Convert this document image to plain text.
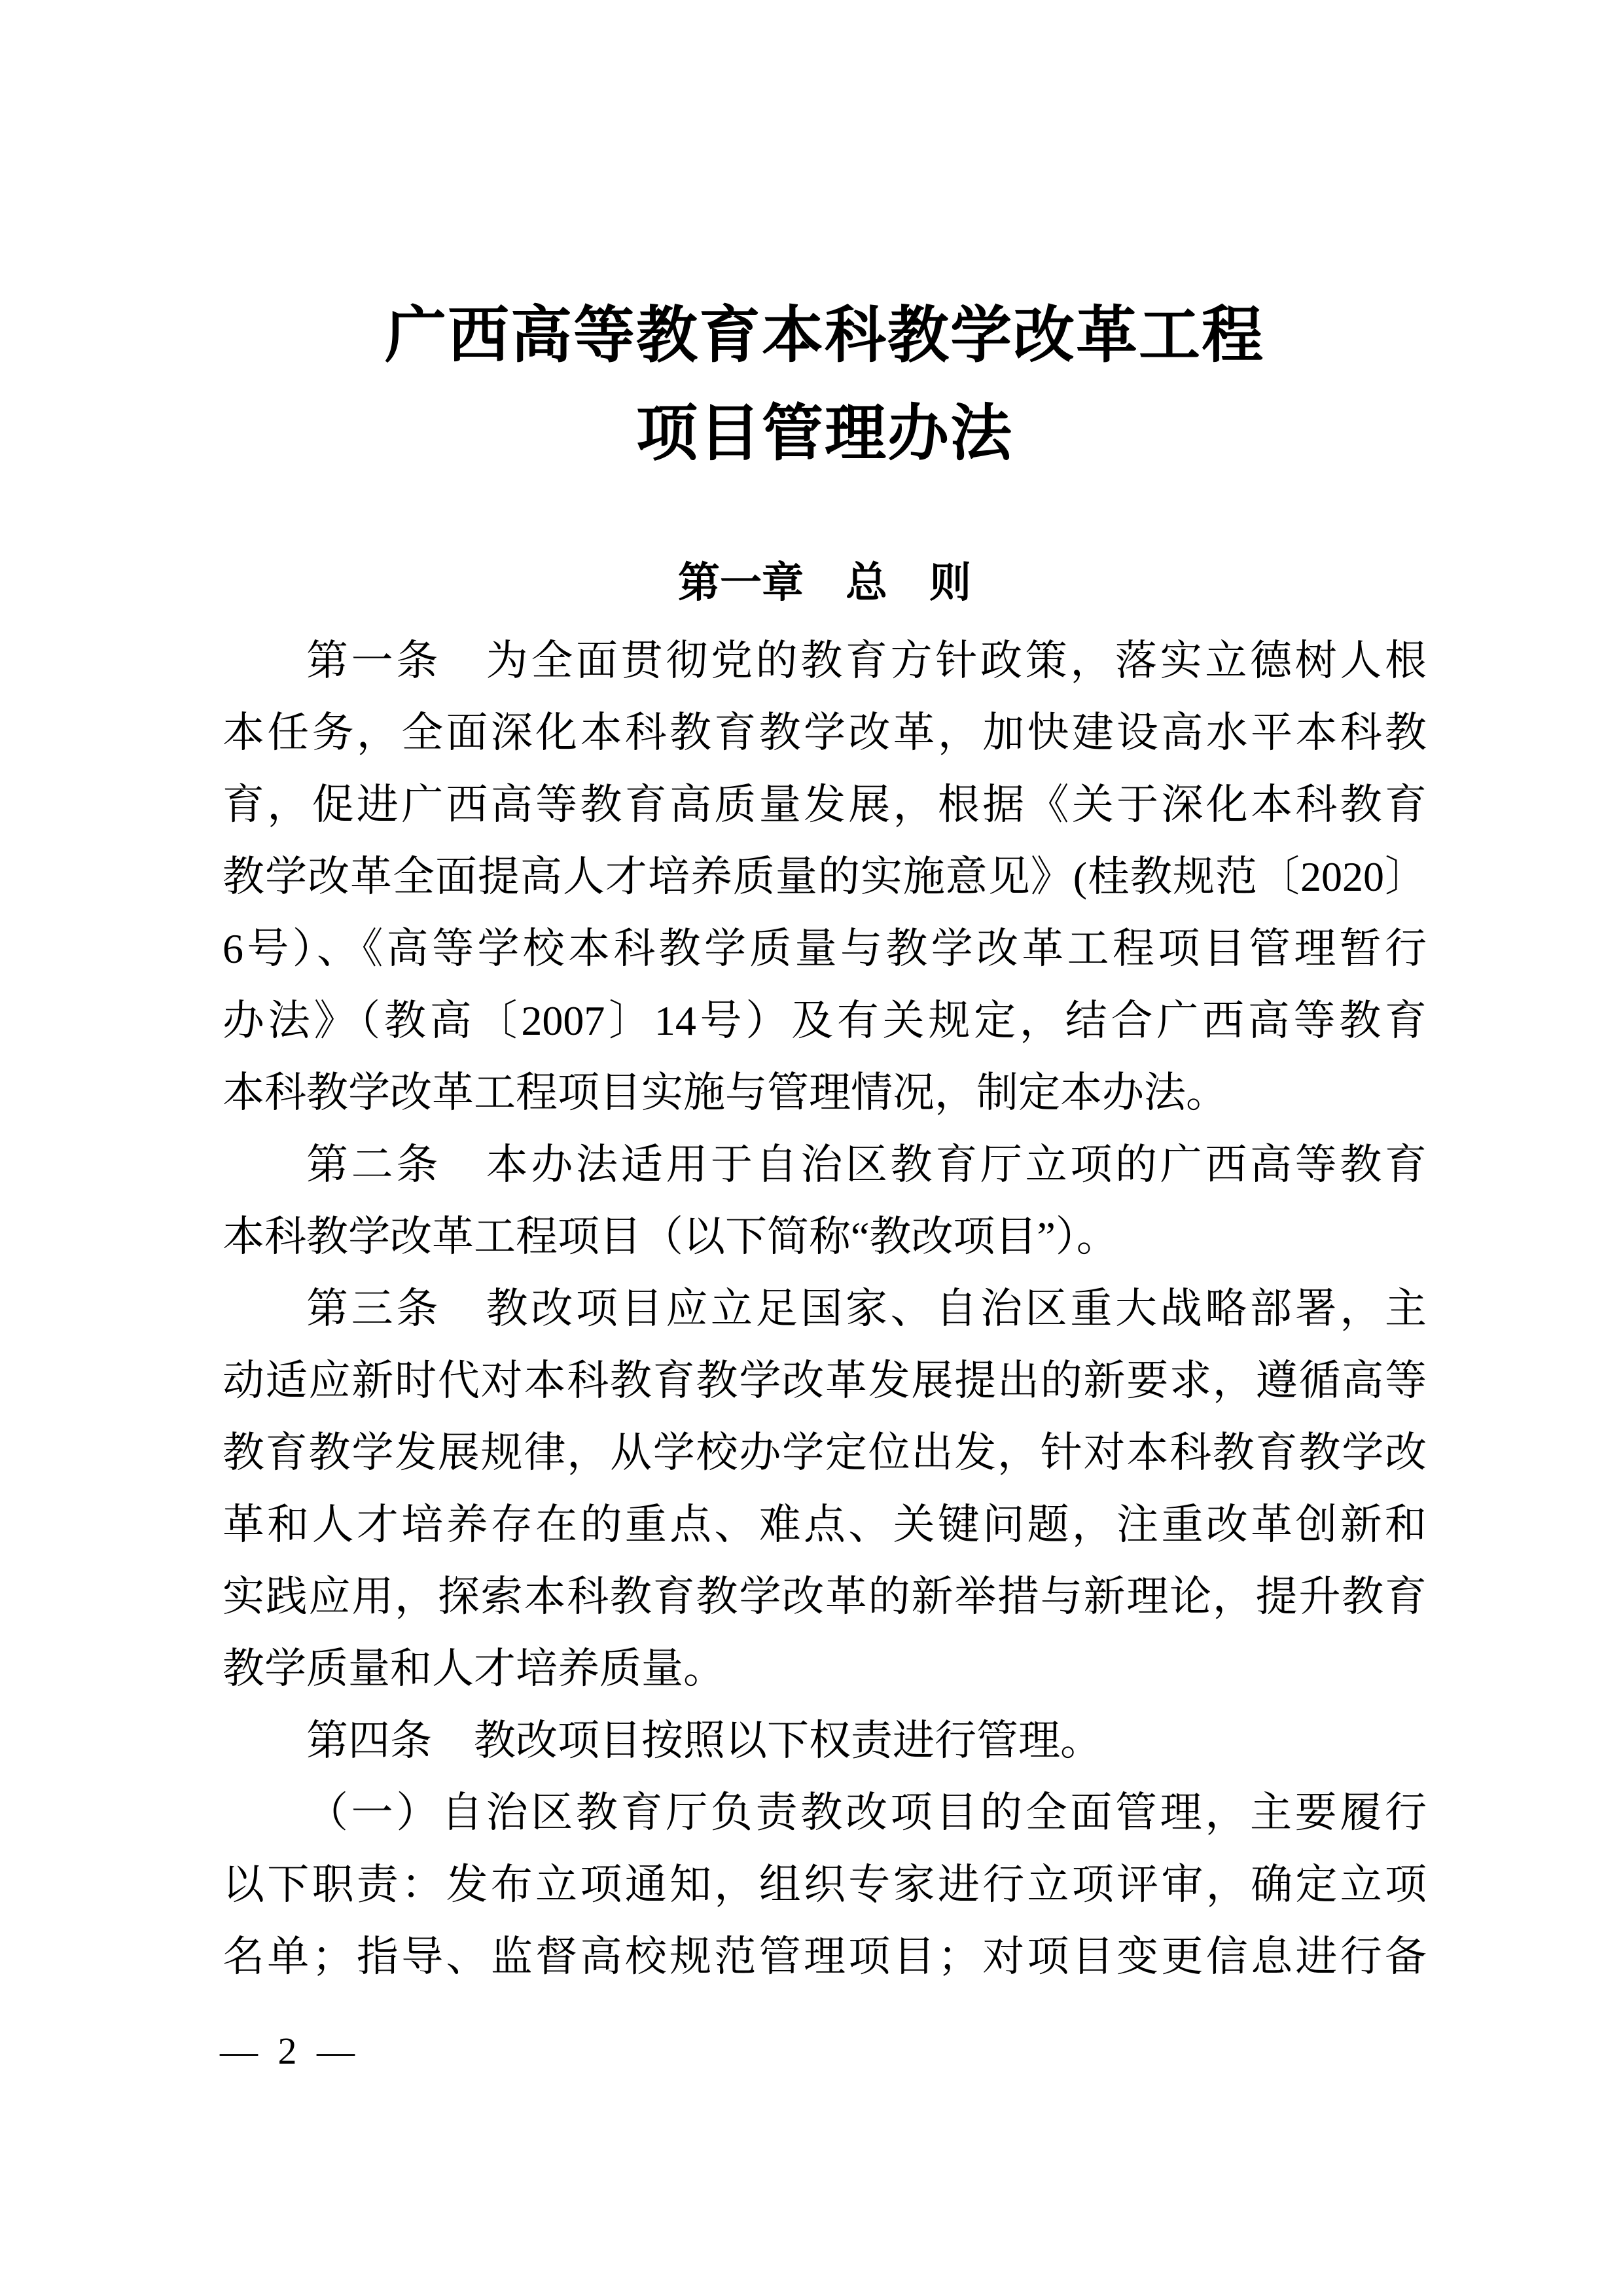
广西高等教育本科教学改革工程
项目管理办法
第一章　总　则
第一条　为全面贯彻党的教育方针政策，落实立德树人根
本任务，全面深化本科教育教学改革，加快建设高水平本科教
育，促进广西高等教育高质量发展，根据《关于深化本科教育
教学改革全面提高人才培养质量的实施意见》(桂教规范〔2020〕
6号）、《高等学校本科教学质量与教学改革工程项目管理暂行
办法》（教高〔2007〕14号）及有关规定，结合广西高等教育
本科教学改革工程项目实施与管理情况，制定本办法。
第二条　本办法适用于自治区教育厅立项的广西高等教育
本科教学改革工程项目（以下简称“教改项目”）。
第三条　教改项目应立足国家、自治区重大战略部署，主
动适应新时代对本科教育教学改革发展提出的新要求，遵循高等
教育教学发展规律，从学校办学定位出发，针对本科教育教学改
革和人才培养存在的重点、难点、关键问题，注重改革创新和
实践应用，探索本科教育教学改革的新举措与新理论，提升教育
教学质量和人才培养质量。
第四条　教改项目按照以下权责进行管理。
（一）自治区教育厅负责教改项目的全面管理，主要履行
以下职责：发布立项通知，组织专家进行立项评审，确定立项
名单；指导、监督高校规范管理项目；对项目变更信息进行备
— 2 —
